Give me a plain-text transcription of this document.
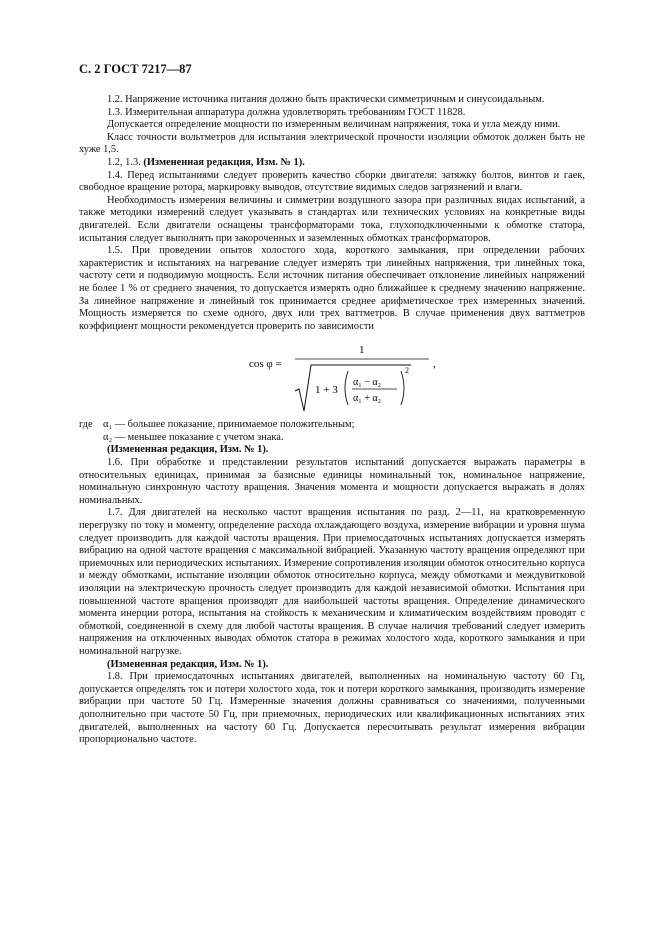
С. 2 ГОСТ 7217—87

1.2. Напряжение источника питания должно быть практически симметричным и синусоидальным.

1.3. Измерительная аппаратура должна удовлетворять требованиям ГОСТ 11828.

Допускается определение мощности по измеренным величинам напряжения, тока и угла между ними.

Класс точности вольтметров для испытания электрической прочности изоляции обмоток должен быть не хуже 1,5.

1.2, 1.3. (Измененная редакция, Изм. № 1).

1.4. Перед испытаниями следует проверить качество сборки двигателя: затяжку болтов, винтов и гаек, свободное вращение ротора, маркировку выводов, отсутствие видимых следов загрязнений и влаги.

Необходимость измерения величины и симметрии воздушного зазора при различных видах испытаний, а также методики измерений следует указывать в стандартах или технических условиях на конкретные виды двигателей. Если двигатели оснащены трансформаторами тока, глухоподключенными к обмотке статора, испытания следует выполнять при закороченных и заземленных обмотках трансформаторов.

1.5. При проведении опытов холостого хода, короткого замыкания, при определении рабочих характеристик и испытаниях на нагревание следует измерять три линейных напряжения, три линейных тока, частоту сети и подводимую мощность. Если источник питания обеспечивает отклонение линейных напряжений не более 1 % от среднего значения, то допускается измерять одно ближайшее к среднему значению напряжение. За линейное напряжение и линейный ток принимается среднее арифметическое трех измеренных значений. Мощность измеряется по схеме одного, двух или трех ваттметров. В случае применения двух ваттметров коэффициент мощности рекомендуется проверить по зависимости

cos φ =
1
1 + 3
α₁ − α₂
α₁ + α₂
2
,
где α₁ — большее показание, принимаемое положительным;
α₂ — меньшее показание с учетом знака.

(Измененная редакция, Изм. № 1).

1.6. При обработке и представлении результатов испытаний допускается выражать параметры в относительных единицах, принимая за базисные единицы номинальный ток, номинальное напряжение, номинальную синхронную частоту вращения. Значения момента и мощности допускается выражать в долях номинальных.

1.7. Для двигателей на несколько частот вращения испытания по разд. 2—11, на кратковременную перегрузку по току и моменту, определение расхода охлаждающего воздуха, измерение вибрации и уровня шума следует производить для каждой частоты вращения. При приемосдаточных испытаниях допускается измерять вибрацию на одной частоте вращения с максимальной вибрацией. Указанную частоту вращения определяют при приемочных или периодических испытаниях. Измерение сопротивления изоляции обмоток относительно корпуса и между обмотками, испытание изоляции обмоток относительно корпуса, между обмотками и междувитковой изоляции на электрическую прочность следует производить для каждой независимой обмотки. Испытания при повышенной частоте вращения производят для наибольшей частоты вращения. Определение динамического момента инерции ротора, испытания на стойкость к механическим и климатическим воздействиям проводят с обмоткой, соединенной в схему для любой частоты вращения. В случае наличия требований следует измерить напряжения на отключенных выводах обмоток статора в режимах холостого хода, короткого замыкания и при номинальной нагрузке.

(Измененная редакция, Изм. № 1).

1.8. При приемосдаточных испытаниях двигателей, выполненных на номинальную частоту 60 Гц, допускается определять ток и потери холостого хода, ток и потери короткого замыкания, производить измерение вибрации при частоте 50 Гц. Измеренные значения должны сравниваться со значениями, полученными дополнительно при частоте 50 Гц, при приемочных, периодических или квалификационных испытаниях этих двигателей, выполненных на частоту 60 Гц. Допускается пересчитывать результат измерения вибрации пропорционально частоте.
